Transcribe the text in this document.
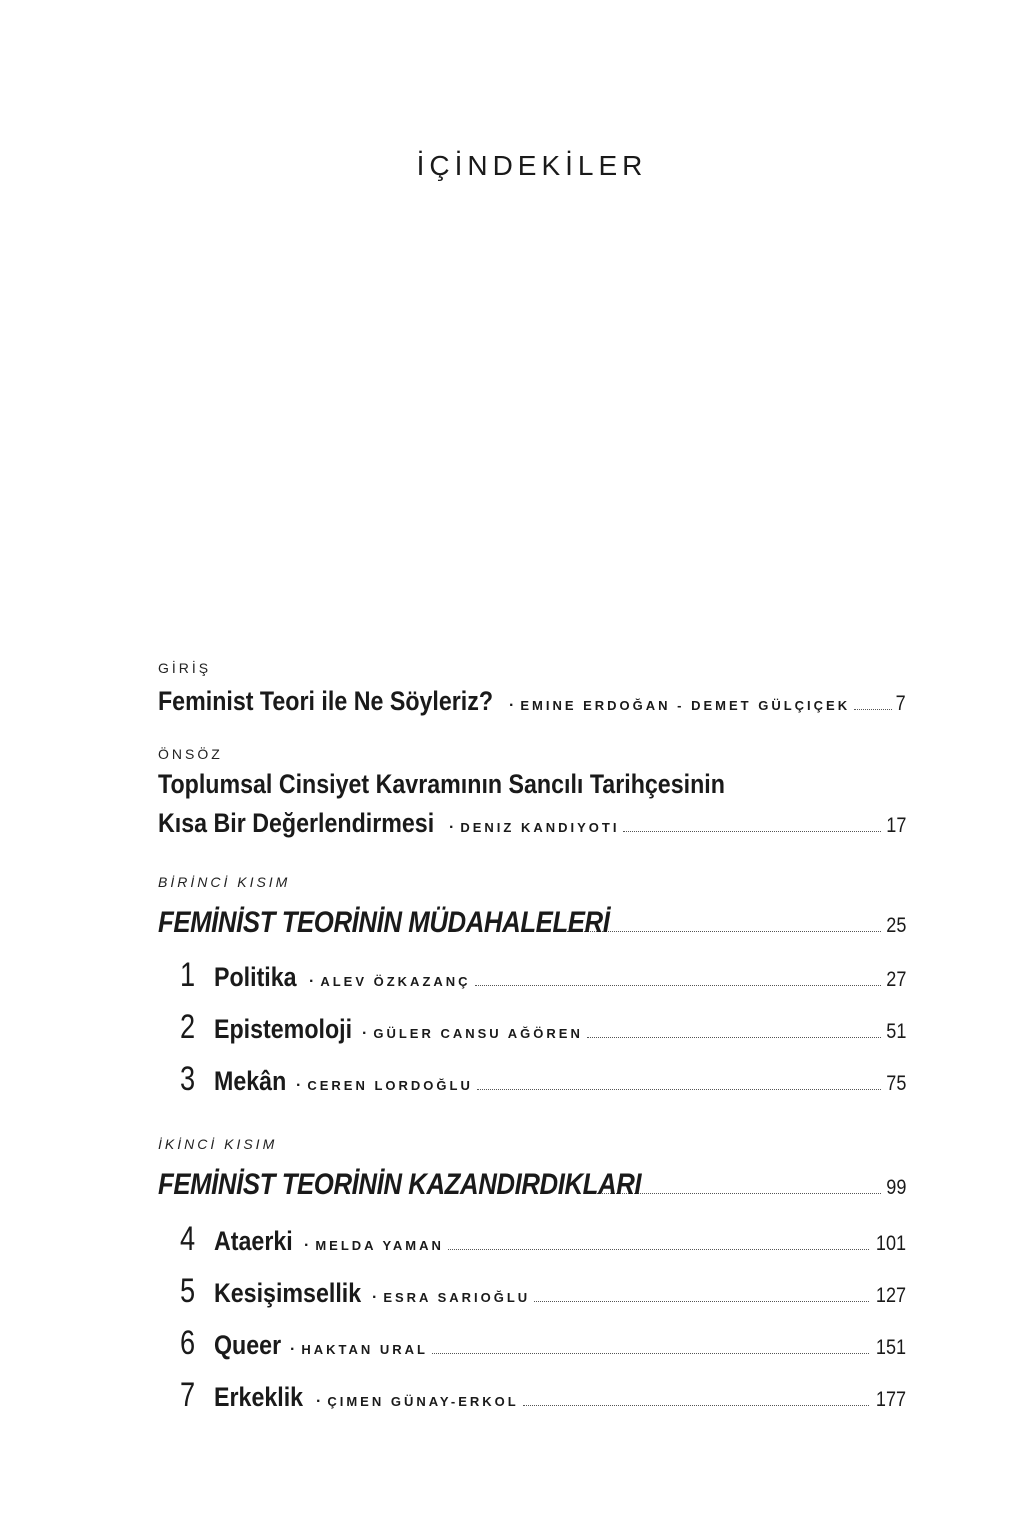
İÇİNDEKİLER
GİRİŞ
Feminist Teori ile Ne Söyleriz? · EMINE ERDOĞAN - DEMET GÜLÇIÇEK 7
ÖNSÖZ
Toplumsal Cinsiyet Kavramının Sancılı Tarihçesinin
Kısa Bir Değerlendirmesi · DENIZ KANDIYOTI	17
BİRİNCİ KISIM
FEMİNİST TEORİNİN MÜDAHALELERİ	25
1 Politika · ALEV ÖZKAZANÇ	27
2 Epistemoloji · GÜLER CANSU AĞÖREN	51
3 Mekân · CEREN LORDOĞLU	75
İKİNCİ KISIM
FEMİNİST TEORİNİN KAZANDIRDIKLARI	99
4 Ataerki · MELDA YAMAN	101
5 Kesişimsellik · ESRA SARIOĞLU	127
6 Queer · HAKTAN URAL	151
7 Erkeklik · ÇIMEN GÜNAY-ERKOL	177
